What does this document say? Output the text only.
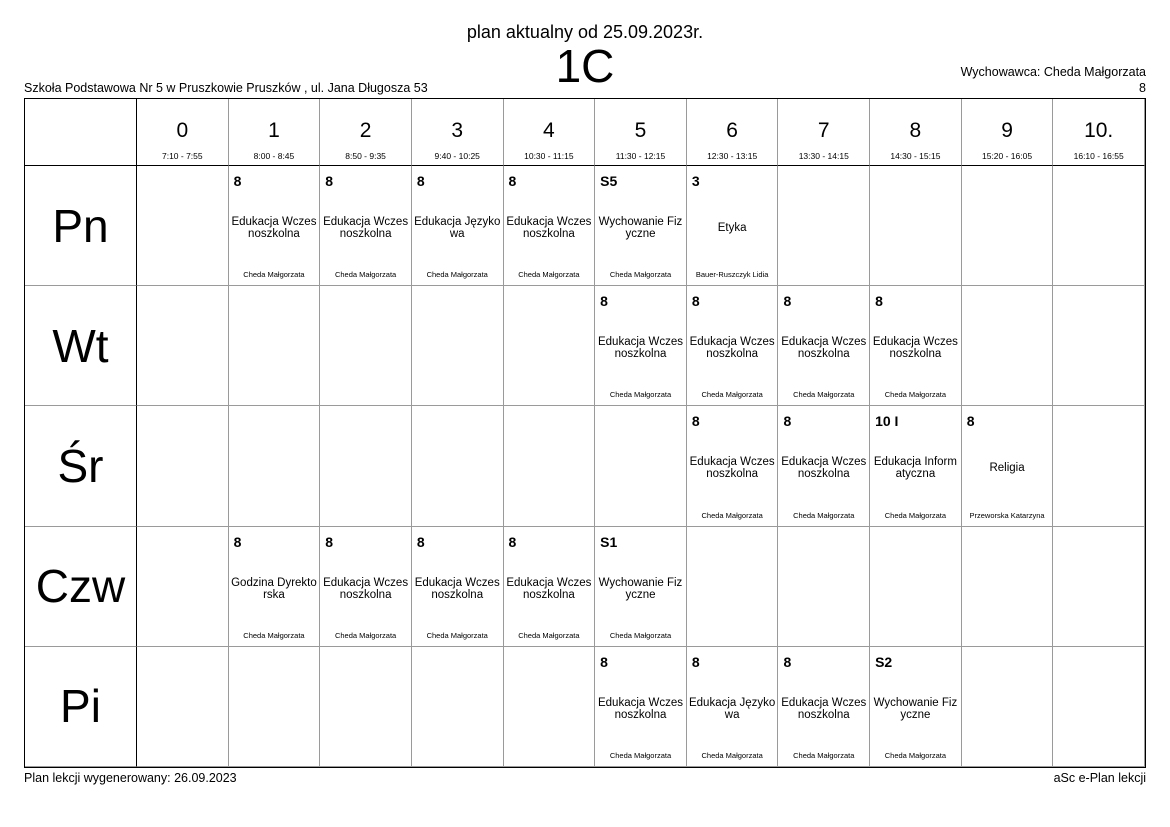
plan aktualny od 25.09.2023r.
1C
Szkoła Podstawowa Nr 5 w Pruszkowie Pruszków , ul. Jana Długosza 53
Wychowawca: Cheda Małgorzata
8
0
7:10 - 7:55
1
8:00 - 8:45
2
8:50 - 9:35
3
9:40 - 10:25
4
10:30 - 11:15
5
11:30 - 12:15
6
12:30 - 13:15
7
13:30 - 14:15
8
14:30 - 15:15
9
15:20 - 16:05
10.
16:10 - 16:55
Pn
8
Edukacja Wczesnoszkolna
Cheda Małgorzata
8
Edukacja Wczesnoszkolna
Cheda Małgorzata
8
Edukacja Językowa
Cheda Małgorzata
8
Edukacja Wczesnoszkolna
Cheda Małgorzata
S5
Wychowanie Fizyczne
Cheda Małgorzata
3
Etyka
Bauer-Ruszczyk Lidia
Wt
8
Edukacja Wczesnoszkolna
Cheda Małgorzata
8
Edukacja Wczesnoszkolna
Cheda Małgorzata
8
Edukacja Wczesnoszkolna
Cheda Małgorzata
8
Edukacja Wczesnoszkolna
Cheda Małgorzata
Śr
8
Edukacja Wczesnoszkolna
Cheda Małgorzata
8
Edukacja Wczesnoszkolna
Cheda Małgorzata
10 I
Edukacja Informatyczna
Cheda Małgorzata
8
Religia
Przeworska Katarzyna
Czw
8
Godzina Dyrektorska
Cheda Małgorzata
8
Edukacja Wczesnoszkolna
Cheda Małgorzata
8
Edukacja Wczesnoszkolna
Cheda Małgorzata
8
Edukacja Wczesnoszkolna
Cheda Małgorzata
S1
Wychowanie Fizyczne
Cheda Małgorzata
Pi
8
Edukacja Wczesnoszkolna
Cheda Małgorzata
8
Edukacja Językowa
Cheda Małgorzata
8
Edukacja Wczesnoszkolna
Cheda Małgorzata
S2
Wychowanie Fizyczne
Cheda Małgorzata
Plan lekcji wygenerowany: 26.09.2023	aSc e-Plan lekcji
